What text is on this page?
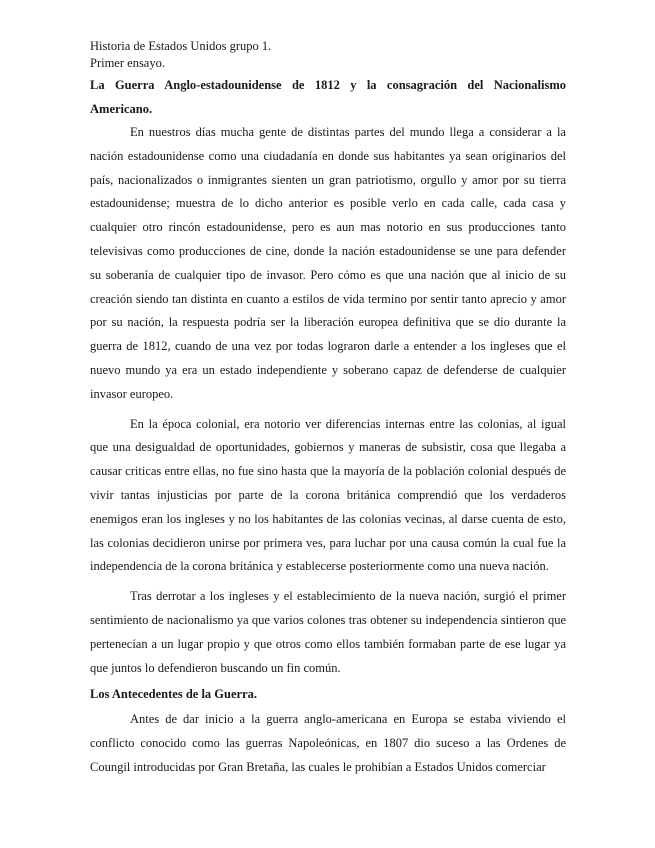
Historia de Estados Unidos grupo 1.

Primer ensayo.

La Guerra Anglo-estadounidense de 1812 y la consagración del Nacionalismo Americano.

En nuestros días mucha gente de distintas partes del mundo llega a considerar a la nación estadounidense como una ciudadanía en donde sus habitantes ya sean originarios del país, nacionalizados o inmigrantes sienten un gran patriotismo, orgullo y amor por su tierra estadounidense; muestra de lo dicho anterior es posible verlo en cada calle, cada casa y cualquier otro rincón estadounidense, pero es aun mas notorio en sus producciones tanto televisivas como producciones de cine, donde la nación estadounidense se une para defender su soberanía de cualquier tipo de invasor. Pero cómo es que una nación que al inicio de su creación siendo tan distinta en cuanto a estilos de vida termino por sentir tanto aprecio y amor por su nación, la respuesta podría ser la liberación europea definitiva que se dio durante la guerra de 1812, cuando de una vez por todas lograron darle a entender a los ingleses que el nuevo mundo ya era un estado independiente y soberano capaz de defenderse de cualquier invasor europeo.

En la época colonial, era notorio ver diferencias internas entre las colonias, al igual que una desigualdad de oportunidades, gobiernos y maneras de subsistir, cosa que llegaba a causar criticas entre ellas, no fue sino hasta que la mayoría de la población colonial después de vivir tantas injusticias por parte de la corona británica comprendió que los verdaderos enemigos eran los ingleses y no los habitantes de las colonias vecinas, al darse cuenta de esto, las colonias decidieron unirse por primera ves, para luchar por una causa común la cual fue la independencia de la corona británica y establecerse posteriormente como una nueva nación.

Tras derrotar a los ingleses y el establecimiento de la nueva nación, surgió el primer sentimiento de nacionalismo ya que varios colones tras obtener su independencia sintieron que pertenecían a un lugar propio y que otros como ellos también formaban parte de ese lugar ya que juntos lo defendieron buscando un fin común.

Los Antecedentes de la Guerra.

Antes de dar inicio a la guerra anglo-americana en Europa se estaba viviendo el conflicto conocido como las guerras Napoleónicas, en 1807 dio suceso a las Ordenes de Coungil introducidas por Gran Bretaña, las cuales le prohibían a Estados Unidos comerciar
